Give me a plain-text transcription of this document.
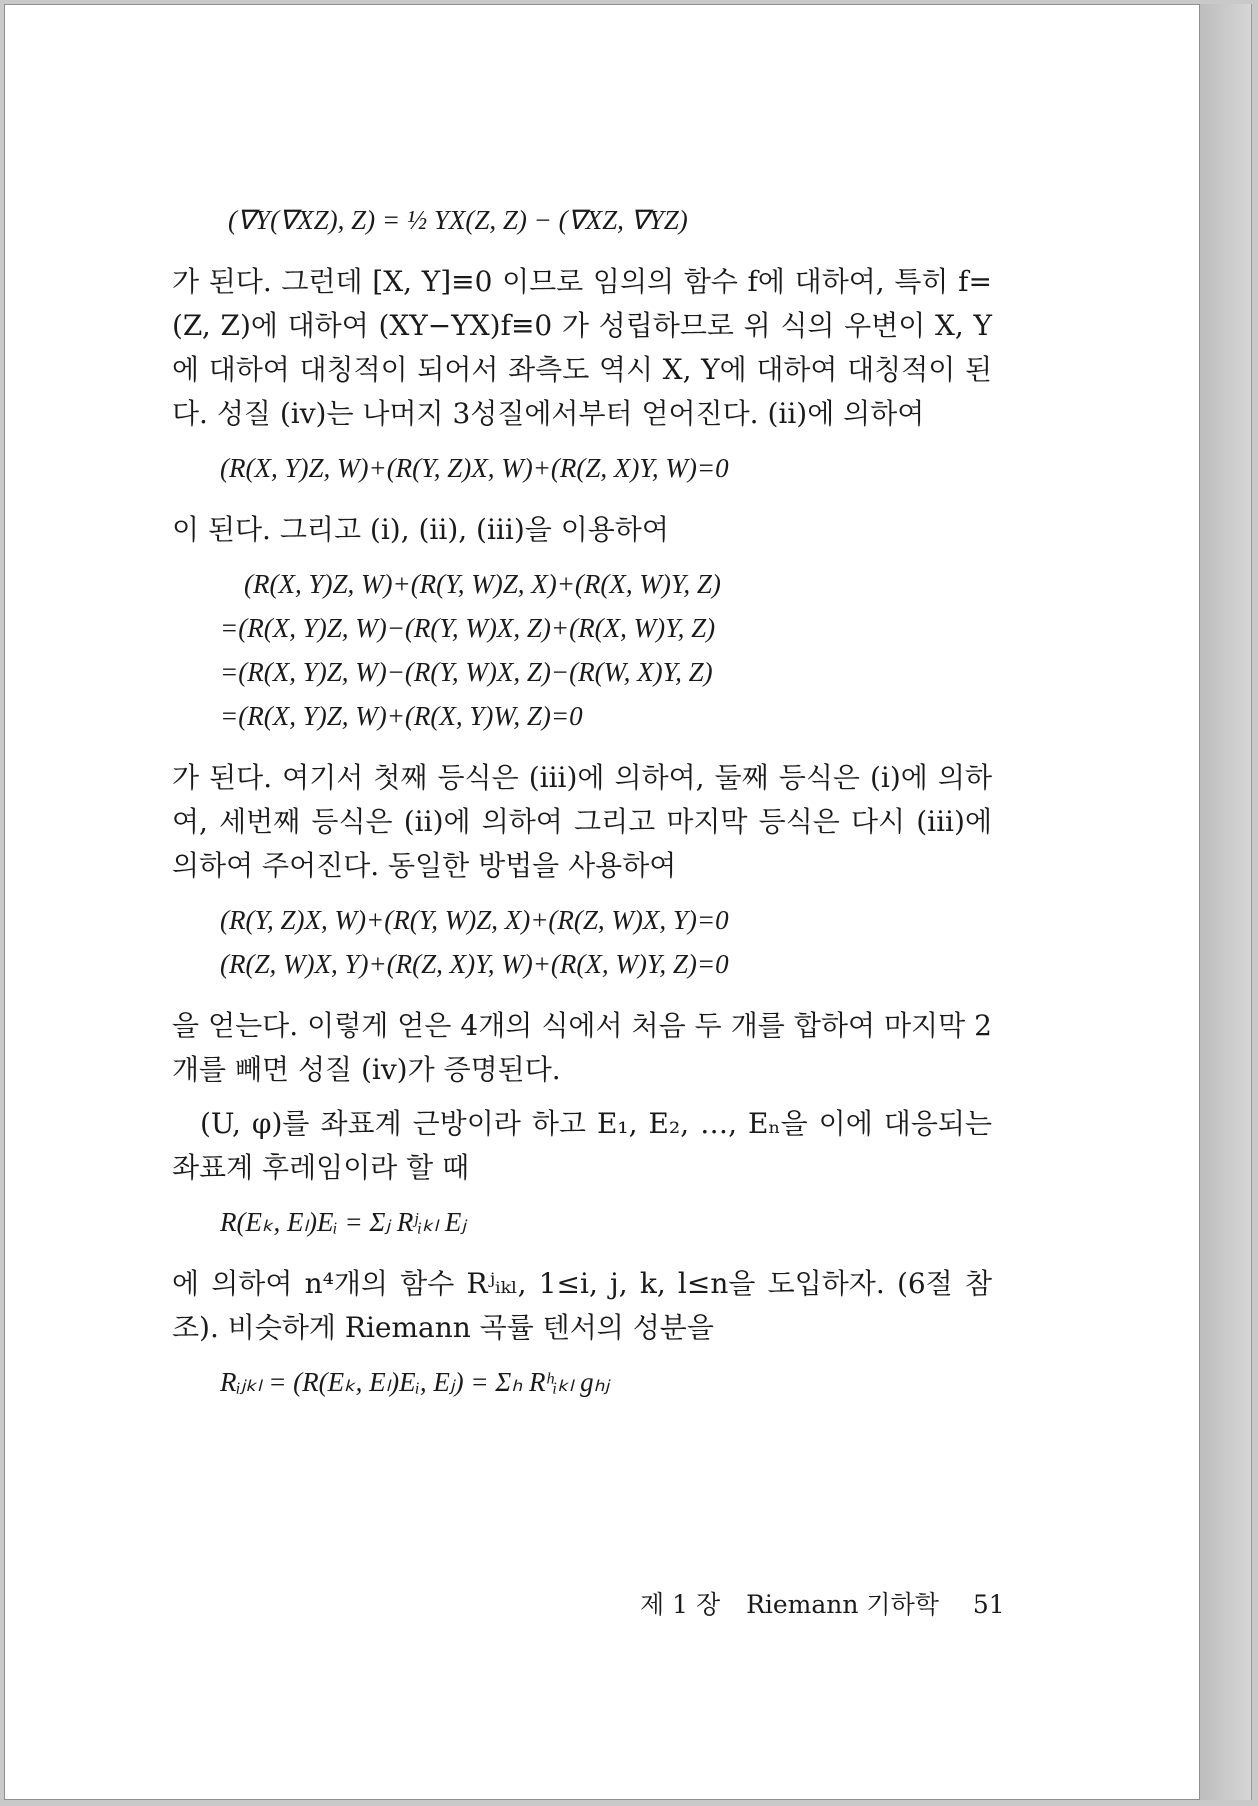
(∇Y(∇XZ), Z) = ½ YX(Z, Z) − (∇XZ, ∇YZ)

가 된다. 그런데 [X, Y]≡0 이므로 임의의 함수 f에 대하여, 특히 f=(Z, Z)에 대하여 (XY−YX)f≡0 가 성립하므로 위 식의 우변이 X, Y에 대하여 대칭적이 되어서 좌측도 역시 X, Y에 대하여 대칭적이 된다. 성질 (iv)는 나머지 3성질에서부터 얻어진다. (ii)에 의하여

(R(X, Y)Z, W)+(R(Y, Z)X, W)+(R(Z, X)Y, W)=0

이 된다. 그리고 (i), (ii), (iii)을 이용하여

(R(X, Y)Z, W)+(R(Y, W)Z, X)+(R(X, W)Y, Z)
=(R(X, Y)Z, W)−(R(Y, W)X, Z)+(R(X, W)Y, Z)
=(R(X, Y)Z, W)−(R(Y, W)X, Z)−(R(W, X)Y, Z)
=(R(X, Y)Z, W)+(R(X, Y)W, Z)=0

가 된다. 여기서 첫째 등식은 (iii)에 의하여, 둘째 등식은 (i)에 의하여, 세번째 등식은 (ii)에 의하여 그리고 마지막 등식은 다시 (iii)에 의하여 주어진다. 동일한 방법을 사용하여

(R(Y, Z)X, W)+(R(Y, W)Z, X)+(R(Z, W)X, Y)=0
(R(Z, W)X, Y)+(R(Z, X)Y, W)+(R(X, W)Y, Z)=0

을 얻는다. 이렇게 얻은 4개의 식에서 처음 두 개를 합하여 마지막 2개를 빼면 성질 (iv)가 증명된다.

(U, φ)를 좌표계 근방이라 하고 E₁, E₂, …, Eₙ을 이에 대응되는 좌표계 후레임이라 할 때

R(Eₖ, Eₗ)Eᵢ = Σⱼ Rʲᵢₖₗ Eⱼ

에 의하여 n⁴개의 함수 Rʲᵢₖₗ, 1≤i, j, k, l≤n을 도입하자. (6절 참조). 비슷하게 Riemann 곡률 텐서의 성분을

Rᵢⱼₖₗ = (R(Eₖ, Eₗ)Eᵢ, Eⱼ) = Σₕ Rʰᵢₖₗ gₕⱼ
제 1 장 Riemann 기하학 51
